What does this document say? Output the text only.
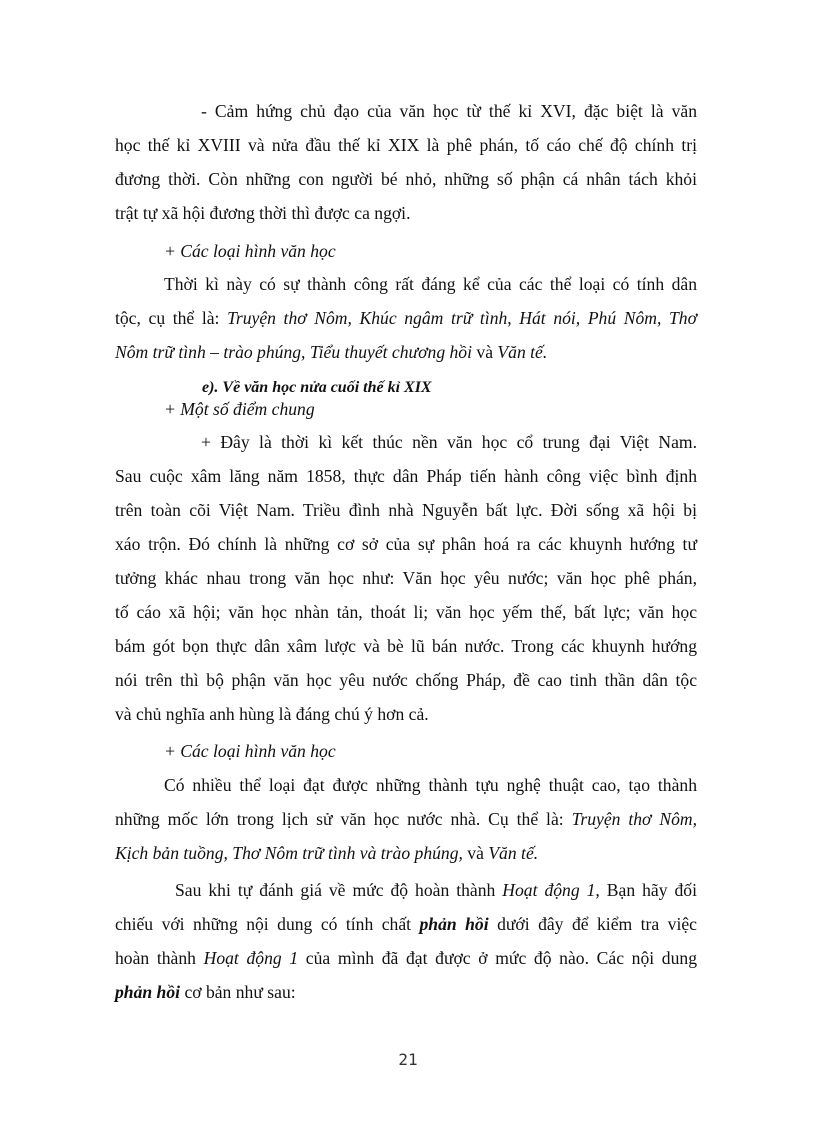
- Cảm hứng chủ đạo của văn học từ thế kỉ XVI, đặc biệt là văn
học thế kỉ XVIII và nửa đầu thế kỉ XIX là phê phán, tố cáo chế độ chính trị
đương thời. Còn những con người bé nhỏ, những số phận cá nhân tách khỏi
trật tự xã hội đương thời thì được ca ngợi.
+ Các loại hình văn học
Thời kì này có sự thành công rất đáng kể của các thể loại có tính dân
tộc, cụ thể là: Truyện thơ Nôm, Khúc ngâm trữ tình, Hát nói, Phú Nôm, Thơ
Nôm trữ tình – trào phúng, Tiểu thuyết chương hồi và Văn tế.
e). Về văn học nửa cuối thế kỉ XIX
+ Một số điểm chung
+ Đây là thời kì kết thúc nền văn học cổ trung đại Việt Nam.
Sau cuộc xâm lăng năm 1858, thực dân Pháp tiến hành công việc bình định
trên toàn cõi Việt Nam. Triều đình nhà Nguyễn bất lực. Đời sống xã hội bị
xáo trộn. Đó chính là những cơ sở của sự phân hoá ra các khuynh hướng tư
tưởng khác nhau trong văn học như: Văn học yêu nước; văn học phê phán,
tố cáo xã hội; văn học nhàn tản, thoát li; văn học yếm thế, bất lực; văn học
bám gót bọn thực dân xâm lược và bè lũ bán nước. Trong các khuynh hướng
nói trên thì bộ phận văn học yêu nước chống Pháp, đề cao tinh thần dân tộc
và chủ nghĩa anh hùng là đáng chú ý hơn cả.
+ Các loại hình văn học
Có nhiều thể loại đạt được những thành tựu nghệ thuật cao, tạo thành
những mốc lớn trong lịch sử văn học nước nhà. Cụ thể là: Truyện thơ Nôm,
Kịch bản tuồng, Thơ Nôm trữ tình và trào phúng, và Văn tế.
Sau khi tự đánh giá về mức độ hoàn thành Hoạt động 1, Bạn hãy đối
chiếu với những nội dung có tính chất phản hồi dưới đây để kiểm tra việc
hoàn thành Hoạt động 1 của mình đã đạt được ở mức độ nào. Các nội dung
phản hồi cơ bản như sau:
21
